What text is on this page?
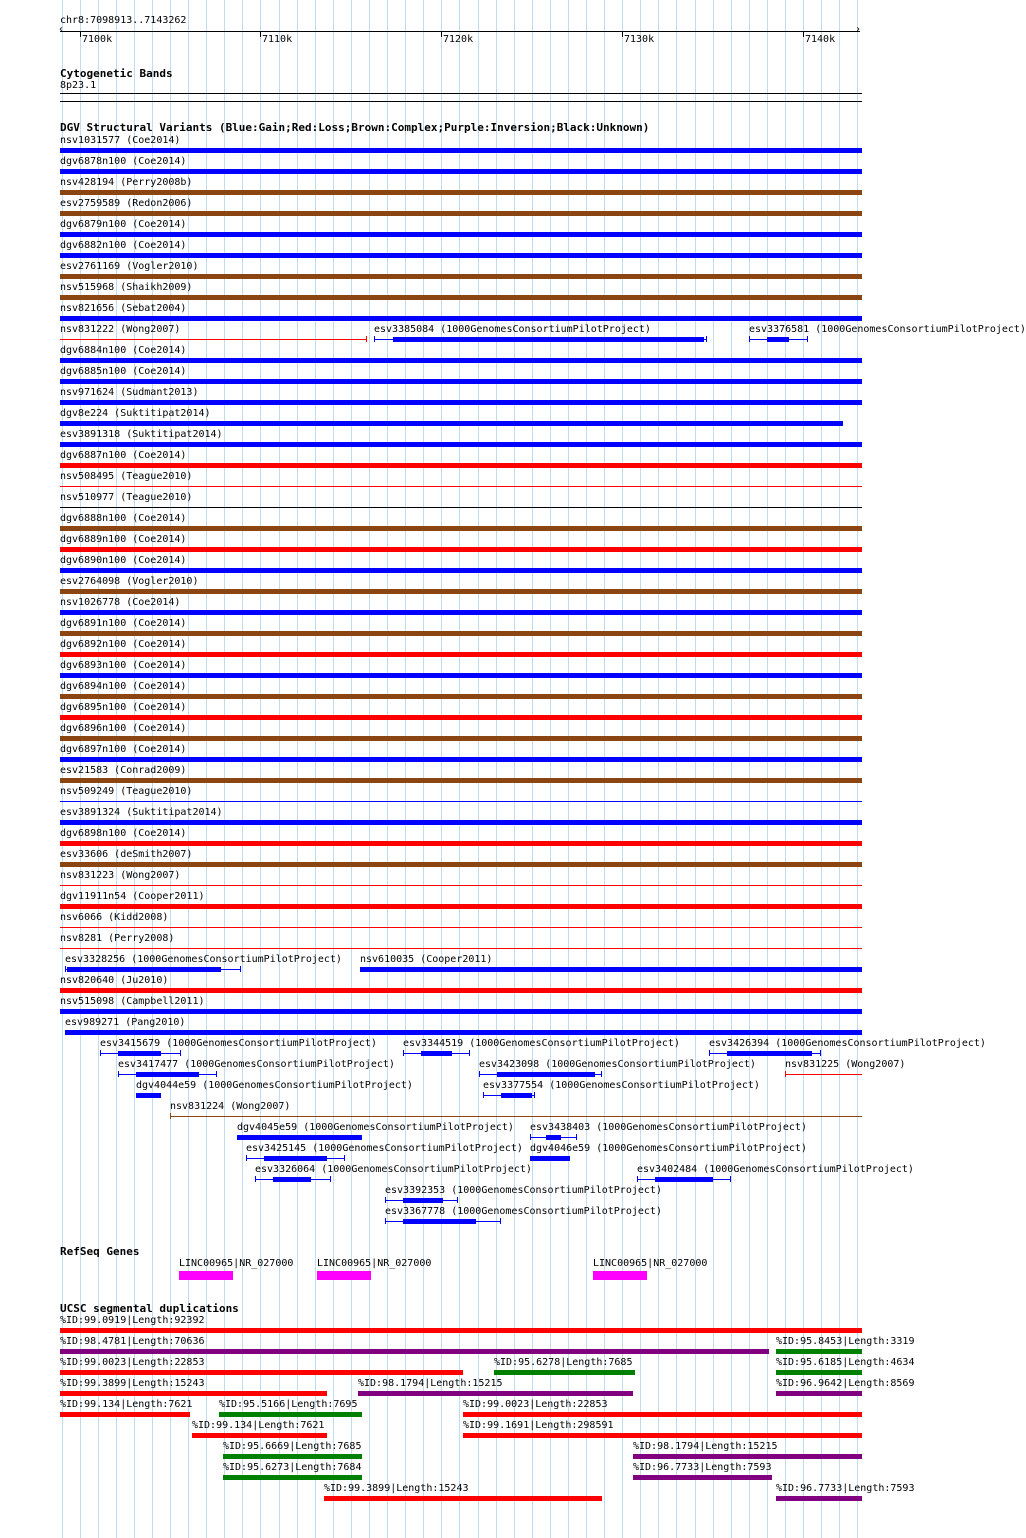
chr8:7098913..7143262
‹	›
7100k	7110k	7120k	7130k	7140k
Cytogenetic Bands
8p23.1
DGV Structural Variants (Blue:Gain;Red:Loss;Brown:Complex;Purple:Inversion;Black:Unknown)
nsv1031577 (Coe2014)
dgv6878n100 (Coe2014)
nsv428194 (Perry2008b)
esv2759589 (Redon2006)
dgv6879n100 (Coe2014)
dgv6882n100 (Coe2014)
esv2761169 (Vogler2010)
nsv515968 (Shaikh2009)
nsv821656 (Sebat2004)
nsv831222 (Wong2007)	esv3385084 (1000GenomesConsortiumPilotProject)	esv3376581 (1000GenomesConsortiumPilotProject)
dgv6884n100 (Coe2014)
dgv6885n100 (Coe2014)
nsv971624 (Sudmant2013)
dgv8e224 (Suktitipat2014)
esv3891318 (Suktitipat2014)
dgv6887n100 (Coe2014)
nsv508495 (Teague2010)
nsv510977 (Teague2010)
dgv6888n100 (Coe2014)
dgv6889n100 (Coe2014)
dgv6890n100 (Coe2014)
esv2764098 (Vogler2010)
nsv1026778 (Coe2014)
dgv6891n100 (Coe2014)
dgv6892n100 (Coe2014)
dgv6893n100 (Coe2014)
dgv6894n100 (Coe2014)
dgv6895n100 (Coe2014)
dgv6896n100 (Coe2014)
dgv6897n100 (Coe2014)
esv21583 (Conrad2009)
nsv509249 (Teague2010)
esv3891324 (Suktitipat2014)
dgv6898n100 (Coe2014)
esv33606 (deSmith2007)
nsv831223 (Wong2007)
dgv11911n54 (Cooper2011)
nsv6066 (Kidd2008)
nsv8281 (Perry2008)
esv3328256 (1000GenomesConsortiumPilotProject) nsv610035 (Cooper2011)
nsv820640 (Ju2010)
nsv515098 (Campbell2011)
esv989271 (Pang2010)
esv3415679 (1000GenomesConsortiumPilotProject)	esv3344519 (1000GenomesConsortiumPilotProject)	esv3426394 (1000GenomesConsortiumPilotProject)
esv3417477 (1000GenomesConsortiumPilotProject)	esv3423098 (1000GenomesConsortiumPilotProject)	nsv831225 (Wong2007)
dgv4044e59 (1000GenomesConsortiumPilotProject)	esv3377554 (1000GenomesConsortiumPilotProject)
nsv831224 (Wong2007)
dgv4045e59 (1000GenomesConsortiumPilotProject) esv3438403 (1000GenomesConsortiumPilotProject)
esv3425145 (1000GenomesConsortiumPilotProject) dgv4046e59 (1000GenomesConsortiumPilotProject)
esv3326064 (1000GenomesConsortiumPilotProject)	esv3402484 (1000GenomesConsortiumPilotProject)
esv3392353 (1000GenomesConsortiumPilotProject)
esv3367778 (1000GenomesConsortiumPilotProject)
RefSeq Genes
LINC00965|NR_027000 LINC00965|NR_027000	LINC00965|NR_027000
UCSC segmental duplications
%ID:99.0919|Length:92392
%ID:98.4781|Length:70636	%ID:95.8453|Length:3319
%ID:99.0023|Length:22853	%ID:95.6278|Length:7685	%ID:95.6185|Length:4634
%ID:99.3899|Length:15243	%ID:98.1794|Length:15215	%ID:96.9642|Length:8569
%ID:99.134|Length:7621	%ID:95.5166|Length:7695	%ID:99.0023|Length:22853
%ID:99.134|Length:7621	%ID:99.1691|Length:298591
%ID:95.6669|Length:7685	%ID:98.1794|Length:15215
%ID:95.6273|Length:7684	%ID:96.7733|Length:7593
%ID:99.3899|Length:15243	%ID:96.7733|Length:7593
